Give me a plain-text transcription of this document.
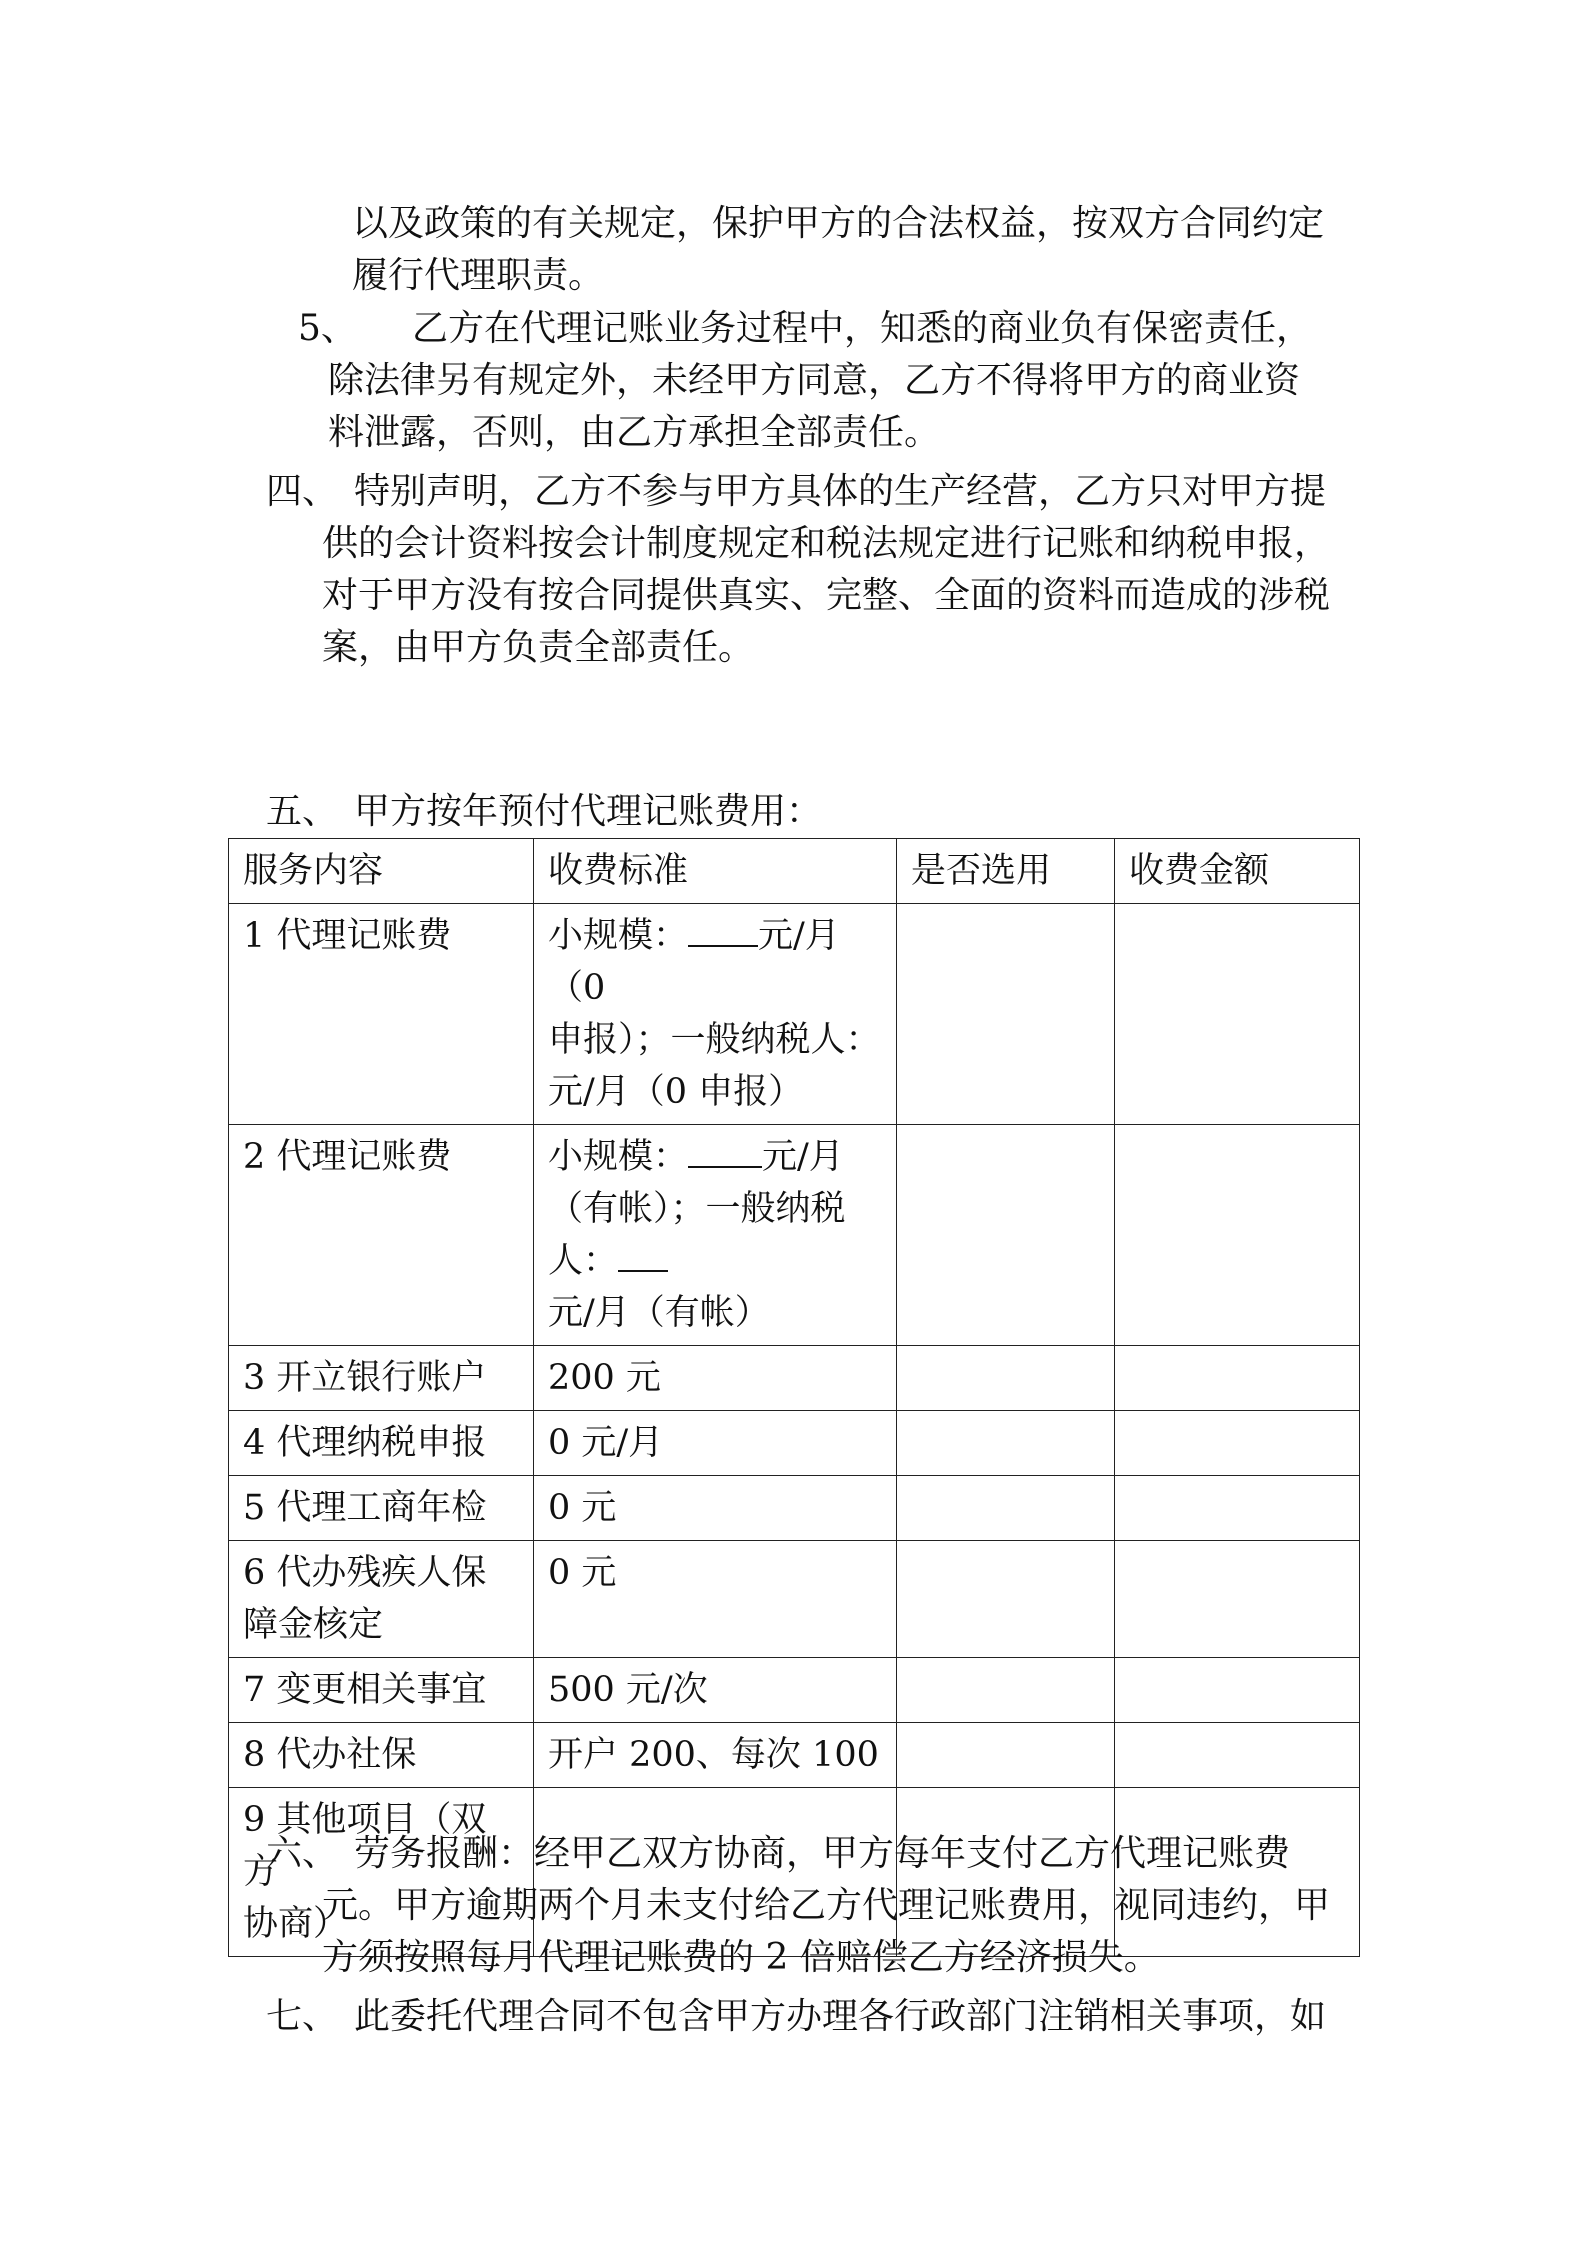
以及政策的有关规定，保护甲方的合法权益，按双方合同约定
履行代理职责。
5、 乙方在代理记账业务过程中，知悉的商业负有保密责任，
除法律另有规定外，未经甲方同意，乙方不得将甲方的商业资
料泄露，否则，由乙方承担全部责任。
四、 特别声明，乙方不参与甲方具体的生产经营，乙方只对甲方提
供的会计资料按会计制度规定和税法规定进行记账和纳税申报，
对于甲方没有按合同提供真实、完整、全面的资料而造成的涉税
案，由甲方负责全部责任。
五、 甲方按年预付代理记账费用：
服务内容	收费标准	是否选用	收费金额
1 代理记账费	小规模： 元/月（0
申报）；一般纳税人：
元/月（0 申报）		
2 代理记账费	小规模： 元/月
（有帐）；一般纳税
人：元/月（有帐）		
3 开立银行账户	200 元		
4 代理纳税申报	0 元/月		
5 代理工商年检	0 元		
6 代办残疾人保
障金核定	0 元		
7 变更相关事宜	500 元/次		
8 代办社保	开户 200、每次 100		
9 其他项目（双方
协商）			
六、 劳务报酬：经甲乙双方协商，甲方每年支付乙方代理记账费
元。甲方逾期两个月未支付给乙方代理记账费用，视同违约，甲
方须按照每月代理记账费的 2 倍赔偿乙方经济损失。
七、 此委托代理合同不包含甲方办理各行政部门注销相关事项，如
